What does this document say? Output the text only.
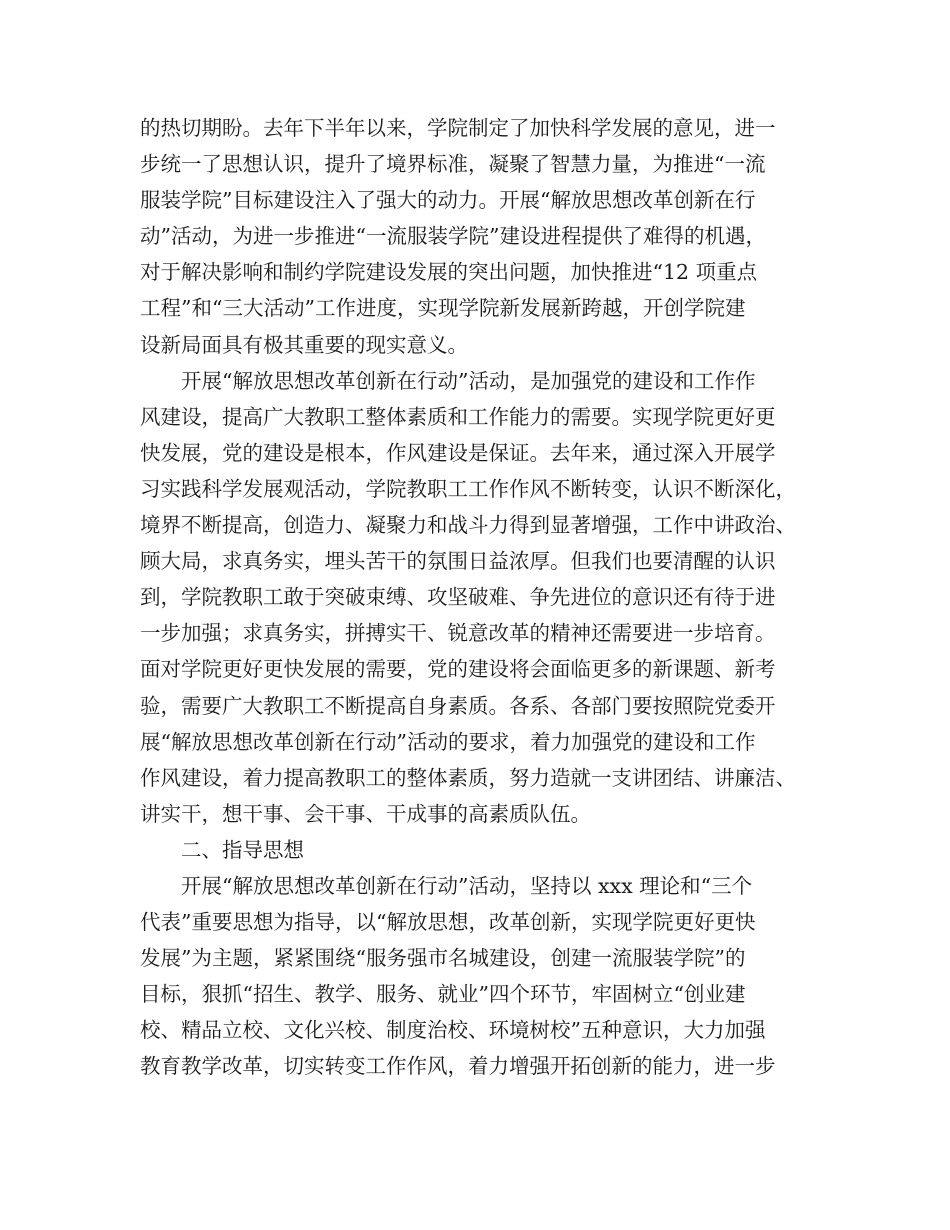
的热切期盼。去年下半年以来，学院制定了加快科学发展的意见，进一
步统一了思想认识，提升了境界标准，凝聚了智慧力量，为推进“一流
服装学院”目标建设注入了强大的动力。开展“解放思想改革创新在行
动”活动，为进一步推进“一流服装学院”建设进程提供了难得的机遇，
对于解决影响和制约学院建设发展的突出问题，加快推进“12 项重点
工程”和“三大活动”工作进度，实现学院新发展新跨越，开创学院建
设新局面具有极其重要的现实意义。
开展“解放思想改革创新在行动”活动，是加强党的建设和工作作
风建设，提高广大教职工整体素质和工作能力的需要。实现学院更好更
快发展，党的建设是根本，作风建设是保证。去年来，通过深入开展学
习实践科学发展观活动，学院教职工工作作风不断转变，认识不断深化，
境界不断提高，创造力、凝聚力和战斗力得到显著增强，工作中讲政治、
顾大局，求真务实，埋头苦干的氛围日益浓厚。但我们也要清醒的认识
到，学院教职工敢于突破束缚、攻坚破难、争先进位的意识还有待于进
一步加强；求真务实，拼搏实干、锐意改革的精神还需要进一步培育。
面对学院更好更快发展的需要，党的建设将会面临更多的新课题、新考
验，需要广大教职工不断提高自身素质。各系、各部门要按照院党委开
展“解放思想改革创新在行动”活动的要求，着力加强党的建设和工作
作风建设，着力提高教职工的整体素质，努力造就一支讲团结、讲廉洁、
讲实干，想干事、会干事、干成事的高素质队伍。
二、指导思想
开展“解放思想改革创新在行动”活动，坚持以 xxx 理论和“三个
代表”重要思想为指导，以“解放思想，改革创新，实现学院更好更快
发展”为主题，紧紧围绕“服务强市名城建设，创建一流服装学院”的
目标，狠抓“招生、教学、服务、就业”四个环节，牢固树立“创业建
校、精品立校、文化兴校、制度治校、环境树校”五种意识，大力加强
教育教学改革，切实转变工作作风，着力增强开拓创新的能力，进一步
